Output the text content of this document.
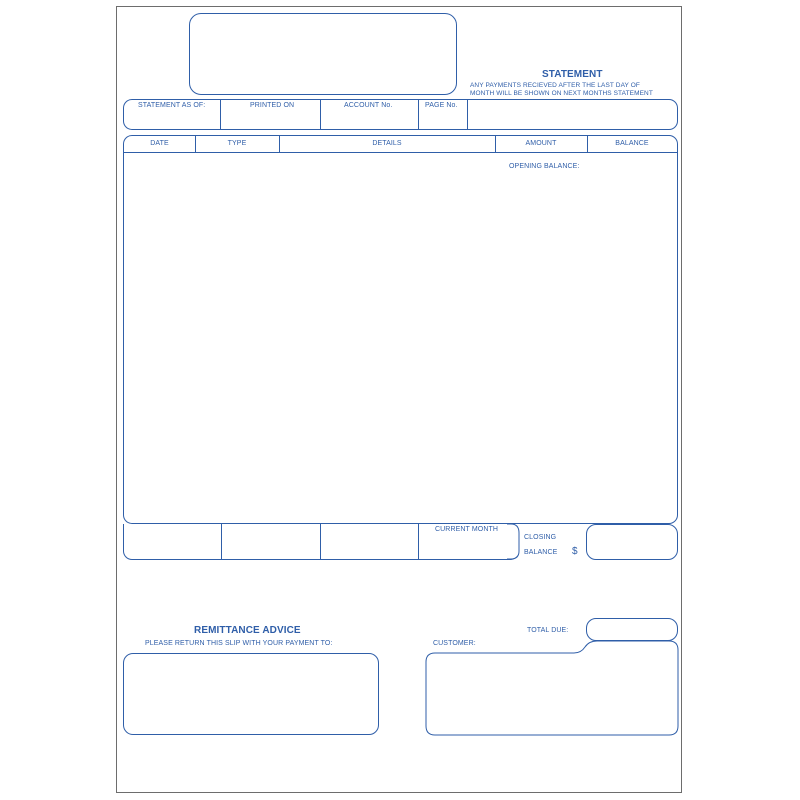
STATEMENT
ANY PAYMENTS RECIEVED AFTER THE LAST DAY OF
MONTH WILL BE SHOWN ON NEXT MONTHS STATEMENT
STATEMENT AS OF:	PRINTED ON	ACCOUNT No.	PAGE No.
DATE	TYPE	DETAILS	AMOUNT	BALANCE
OPENING BALANCE:
CURRENT MONTH
CLOSING
BALANCE $
REMITTANCE ADVICE
PLEASE RETURN THIS SLIP WITH YOUR PAYMENT TO:
TOTAL DUE:
CUSTOMER:
